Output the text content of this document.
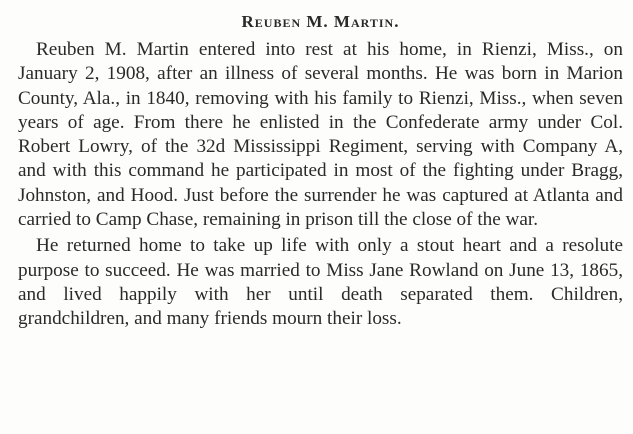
Reuben M. Martin.

Reuben M. Martin entered into rest at his home, in Rienzi, Miss., on January 2, 1908, after an illness of several months. He was born in Marion County, Ala., in 1840, removing with his family to Rienzi, Miss., when seven years of age. From there he enlisted in the Confederate army under Col. Robert Lowry, of the 32d Mississippi Regiment, serving with Company A, and with this command he participated in most of the fighting under Bragg, Johnston, and Hood. Just before the surrender he was captured at Atlanta and carried to Camp Chase, remaining in prison till the close of the war.

He returned home to take up life with only a stout heart and a resolute purpose to succeed. He was married to Miss Jane Rowland on June 13, 1865, and lived happily with her until death separated them. Children, grandchildren, and many friends mourn their loss.
